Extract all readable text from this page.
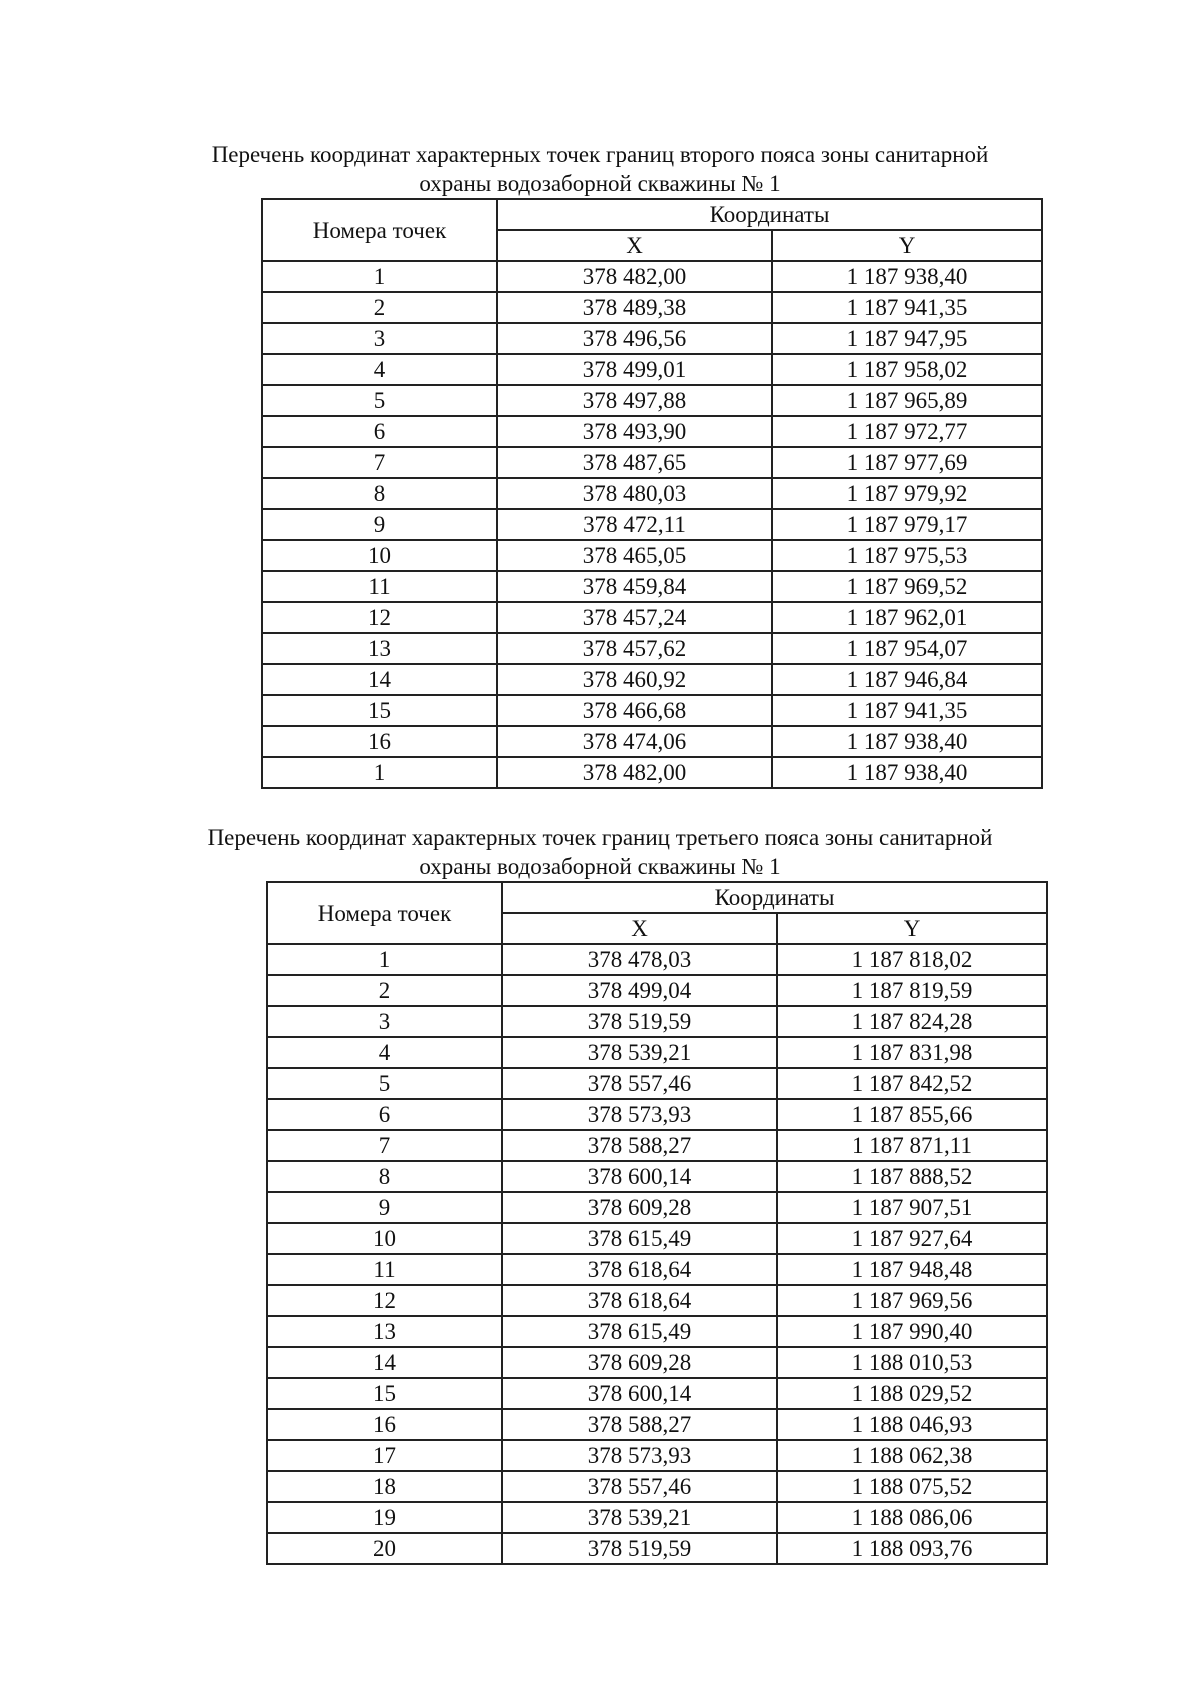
Перечень координат характерных точек границ второго пояса зоны санитарной

охраны водозаборной скважины № 1

Номера точек	Координаты	
	X	Y
1	378 482,00	1 187 938,40
2	378 489,38	1 187 941,35
3	378 496,56	1 187 947,95
4	378 499,01	1 187 958,02
5	378 497,88	1 187 965,89
6	378 493,90	1 187 972,77
7	378 487,65	1 187 977,69
8	378 480,03	1 187 979,92
9	378 472,11	1 187 979,17
10	378 465,05	1 187 975,53
11	378 459,84	1 187 969,52
12	378 457,24	1 187 962,01
13	378 457,62	1 187 954,07
14	378 460,92	1 187 946,84
15	378 466,68	1 187 941,35
16	378 474,06	1 187 938,40
1	378 482,00	1 187 938,40

Перечень координат характерных точек границ третьего пояса зоны санитарной

охраны водозаборной скважины № 1

Номера точек	Координаты	
	X	Y
1	378 478,03	1 187 818,02
2	378 499,04	1 187 819,59
3	378 519,59	1 187 824,28
4	378 539,21	1 187 831,98
5	378 557,46	1 187 842,52
6	378 573,93	1 187 855,66
7	378 588,27	1 187 871,11
8	378 600,14	1 187 888,52
9	378 609,28	1 187 907,51
10	378 615,49	1 187 927,64
11	378 618,64	1 187 948,48
12	378 618,64	1 187 969,56
13	378 615,49	1 187 990,40
14	378 609,28	1 188 010,53
15	378 600,14	1 188 029,52
16	378 588,27	1 188 046,93
17	378 573,93	1 188 062,38
18	378 557,46	1 188 075,52
19	378 539,21	1 188 086,06
20	378 519,59	1 188 093,76
